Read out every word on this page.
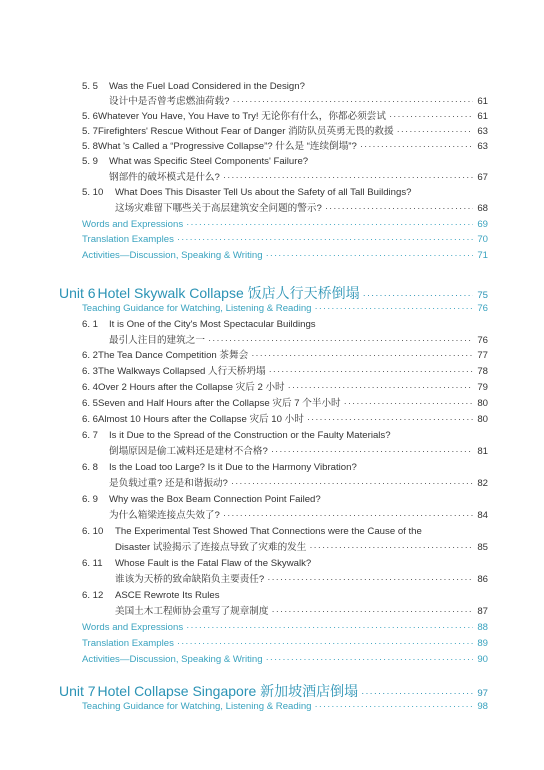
5. 5	Was the Fuel Load Considered in the Design?
设计中是否曾考虑燃油荷载? ·····	61
5. 6 Whatever You Have, You Have to Try! 无论你有什么，你都必须尝试 ·····	61
5. 7 Firefighters' Rescue Without Fear of Danger 消防队员英勇无畏的救援 ·····	63
5. 8 What 's Called a “Progressive Collapse”? 什么是 “连续倒塌”? ·····	63
5. 9	What was Specific Steel Components' Failure?
钢部件的破坏模式是什么? ·····	67
5. 10	What Does This Disaster Tell Us about the Safety of all Tall Buildings?
这场灾难留下哪些关于高层建筑安全问题的警示? ·····	68
Words and Expressions ·····	69
Translation Examples ·····	70
Activities—Discussion, Speaking & Writing ·····	71
Unit 6 Hotel Skywalk Collapse 饭店人行天桥倒塌 ·····	75
Teaching Guidance for Watching, Listening & Reading ·····	76
6. 1	It is One of the City's Most Spectacular Buildings
最引人注目的建筑之一 ·····	76
6. 2 The Tea Dance Competition 茶舞会 ·····	77
6. 3 The Walkways Collapsed 人行天桥坍塌 ·····	78
6. 4 Over 2 Hours after the Collapse 灾后 2 小时 ·····	79
6. 5 Seven and Half Hours after the Collapse 灾后 7 个半小时 ·····	80
6. 6 Almost 10 Hours after the Collapse 灾后 10 小时 ·····	80
6. 7	Is it Due to the Spread of the Construction or the Faulty Materials?
倒塌原因是偷工减料还是建材不合格? ·····	81
6. 8	Is the Load too Large? Is it Due to the Harmony Vibration?
是负载过重? 还是和谐振动? ·····	82
6. 9	Why was the Box Beam Connection Point Failed?
为什么箱梁连接点失效了? ·····	84
6. 10	The Experimental Test Showed That Connections were the Cause of the
Disaster 试验揭示了连接点导致了灾难的发生 ·····	85
6. 11	Whose Fault is the Fatal Flaw of the Skywalk?
谁该为天桥的致命缺陷负主要责任? ·····	86
6. 12	ASCE Rewrote Its Rules
美国土木工程师协会重写了规章制度 ·····	87
Words and Expressions ·····	88
Translation Examples ·····	89
Activities—Discussion, Speaking & Writing ·····	90
Unit 7 Hotel Collapse Singapore 新加坡酒店倒塌 ·····	97
Teaching Guidance for Watching, Listening & Reading ·····	98
